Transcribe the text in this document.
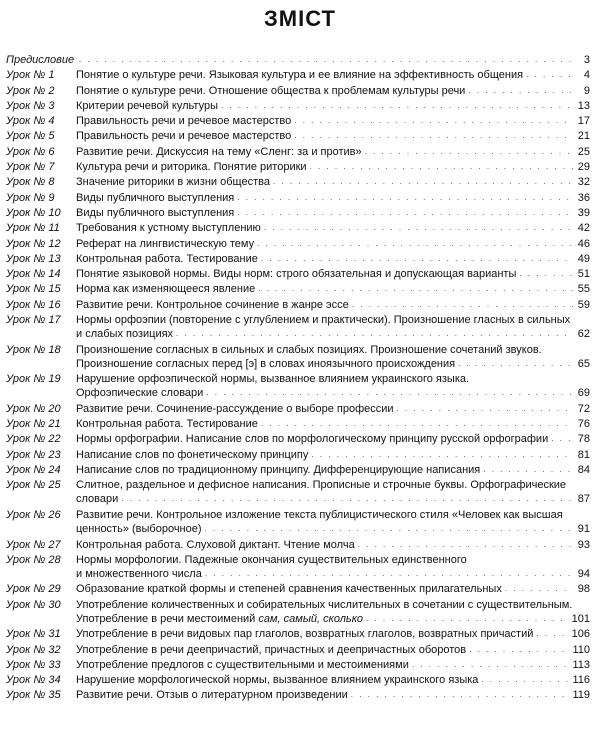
ЗМІСТ
Предисловие . . .	3
Урок № 1	Понятие о культуре речи. Языковая культура и ее влияние на эффективность общения . . .	4
Урок № 2	Понятие о культуре речи. Отношение общества к проблемам культуры речи . . .	9
Урок № 3	Критерии речевой культуры . . .	13
Урок № 4	Правильность речи и речевое мастерство . . .	17
Урок № 5	Правильность речи и речевое мастерство . . .	21
Урок № 6	Развитие речи. Дискуссия на тему «Сленг: за и против» . . .	25
Урок № 7	Культура речи и риторика. Понятие риторики . . .	29
Урок № 8	Значение риторики в жизни общества . . .	32
Урок № 9	Виды публичного выступления . . .	36
Урок № 10	Виды публичного выступления . . .	39
Урок № 11	Требования к устному выступлению . . .	42
Урок № 12	Реферат на лингвистическую тему . . .	46
Урок № 13	Контрольная работа. Тестирование . . .	49
Урок № 14	Понятие языковой нормы. Виды норм: строго обязательная и допускающая варианты . . .	51
Урок № 15	Норма как изменяющееся явление . . .	55
Урок № 16	Развитие речи. Контрольное сочинение в жанре эссе . . .	59
Урок № 17	Нормы орфоэпии (повторение с углублением и практически). Произношение гласных в сильных
и слабых позициях . . .	62
Урок № 18	Произношение согласных в сильных и слабых позициях. Произношение сочетаний звуков.
Произношение согласных перед [э] в словах иноязычного происхождения . . .	65
Урок № 19	Нарушение орфоэпической нормы, вызванное влиянием украинского языка.
Орфоэпические словари . . .	69
Урок № 20	Развитие речи. Сочинение-рассуждение о выборе профессии . . .	72
Урок № 21	Контрольная работа. Тестирование . . .	76
Урок № 22	Нормы орфографии. Написание слов по морфологическому принципу русской орфографии . . .	78
Урок № 23	Написание слов по фонетическому принципу . . .	81
Урок № 24	Написание слов по традиционному принципу. Дифференцирующие написания . . .	84
Урок № 25	Слитное, раздельное и дефисное написания. Прописные и строчные буквы. Орфографические
словари . . .	87
Урок № 26	Развитие речи. Контрольное изложение текста публицистического стиля «Человек как высшая
ценность» (выборочное) . . .	91
Урок № 27	Контрольная работа. Слуховой диктант. Чтение молча . . .	93
Урок № 28	Нормы морфологии. Падежные окончания существительных единственного
и множественного числа . . .	94
Урок № 29	Образование краткой формы и степеней сравнения качественных прилагательных . . .	98
Урок № 30	Употребление количественных и собирательных числительных в сочетании с существительным.
Употребление в речи местоимений сам, самый, сколько . . .	101
Урок № 31	Употребление в речи видовых пар глаголов, возвратных глаголов, возвратных причастий . . .	106
Урок № 32	Употребление в речи деепричастий, причастных и деепричастных оборотов . . .	110
Урок № 33	Употребление предлогов с существительными и местоимениями . . .	113
Урок № 34	Нарушение морфологической нормы, вызванное влиянием украинского языка . . .	116
Урок № 35	Развитие речи. Отзыв о литературном произведении . . .	119
